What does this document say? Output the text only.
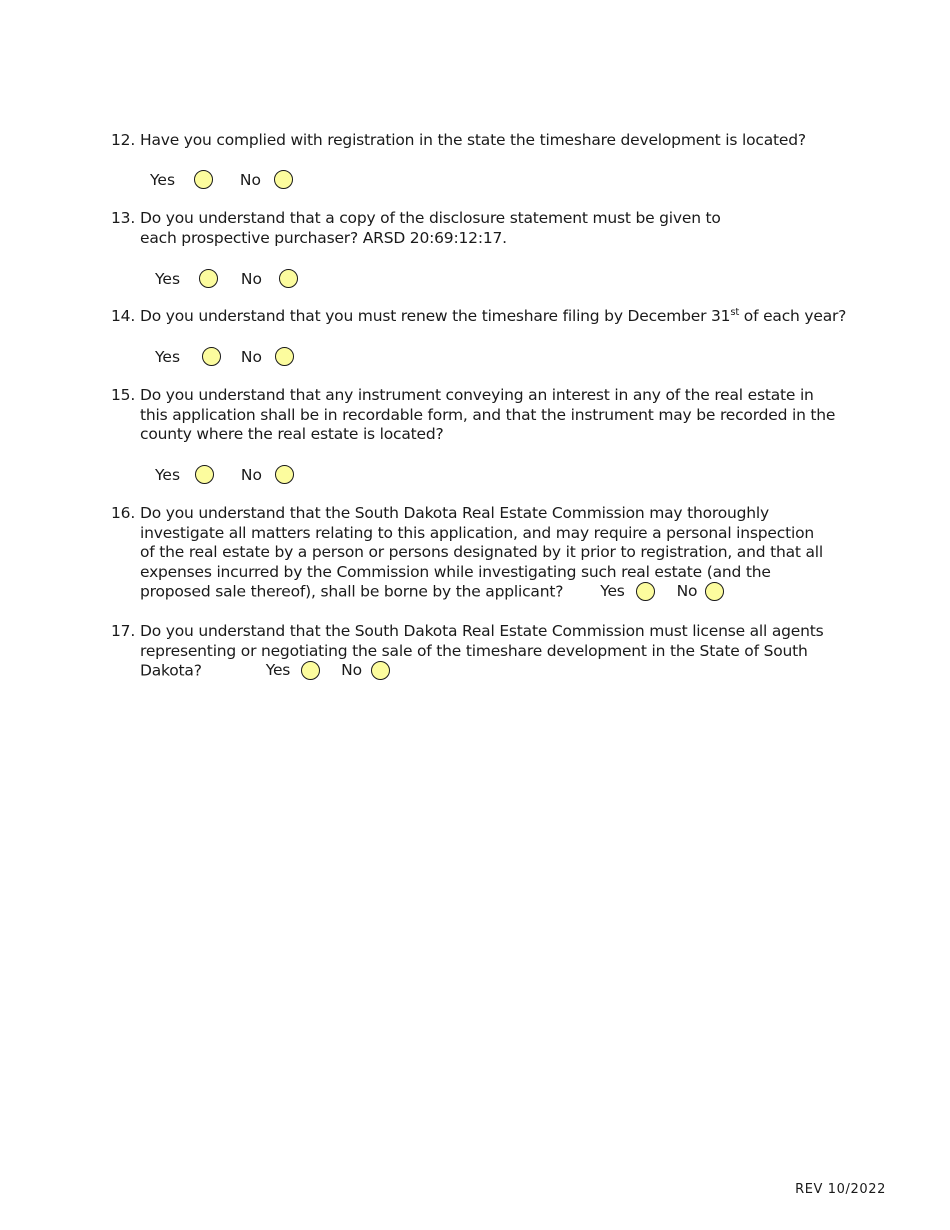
12. Have you complied with registration in the state the timeshare development is located?
Yes	No
13. Do you understand that a copy of the disclosure statement must be given to each prospective purchaser? ARSD 20:69:12:17.
Yes	No
14. Do you understand that you must renew the timeshare filing by December 31st of each year?
Yes	No
15. Do you understand that any instrument conveying an interest in any of the real estate in this application shall be in recordable form, and that the instrument may be recorded in the county where the real estate is located?
Yes	No
16. Do you understand that the South Dakota Real Estate Commission may thoroughly investigate all matters relating to this application, and may require a personal inspection of the real estate by a person or persons designated by it prior to registration, and that all expenses incurred by the Commission while investigating such real estate (and the proposed sale thereof), shall be borne by the applicant? Yes	No
17. Do you understand that the South Dakota Real Estate Commission must license all agents representing or negotiating the sale of the timeshare development in the State of South Dakota?	Yes	No
REV 10/2022
